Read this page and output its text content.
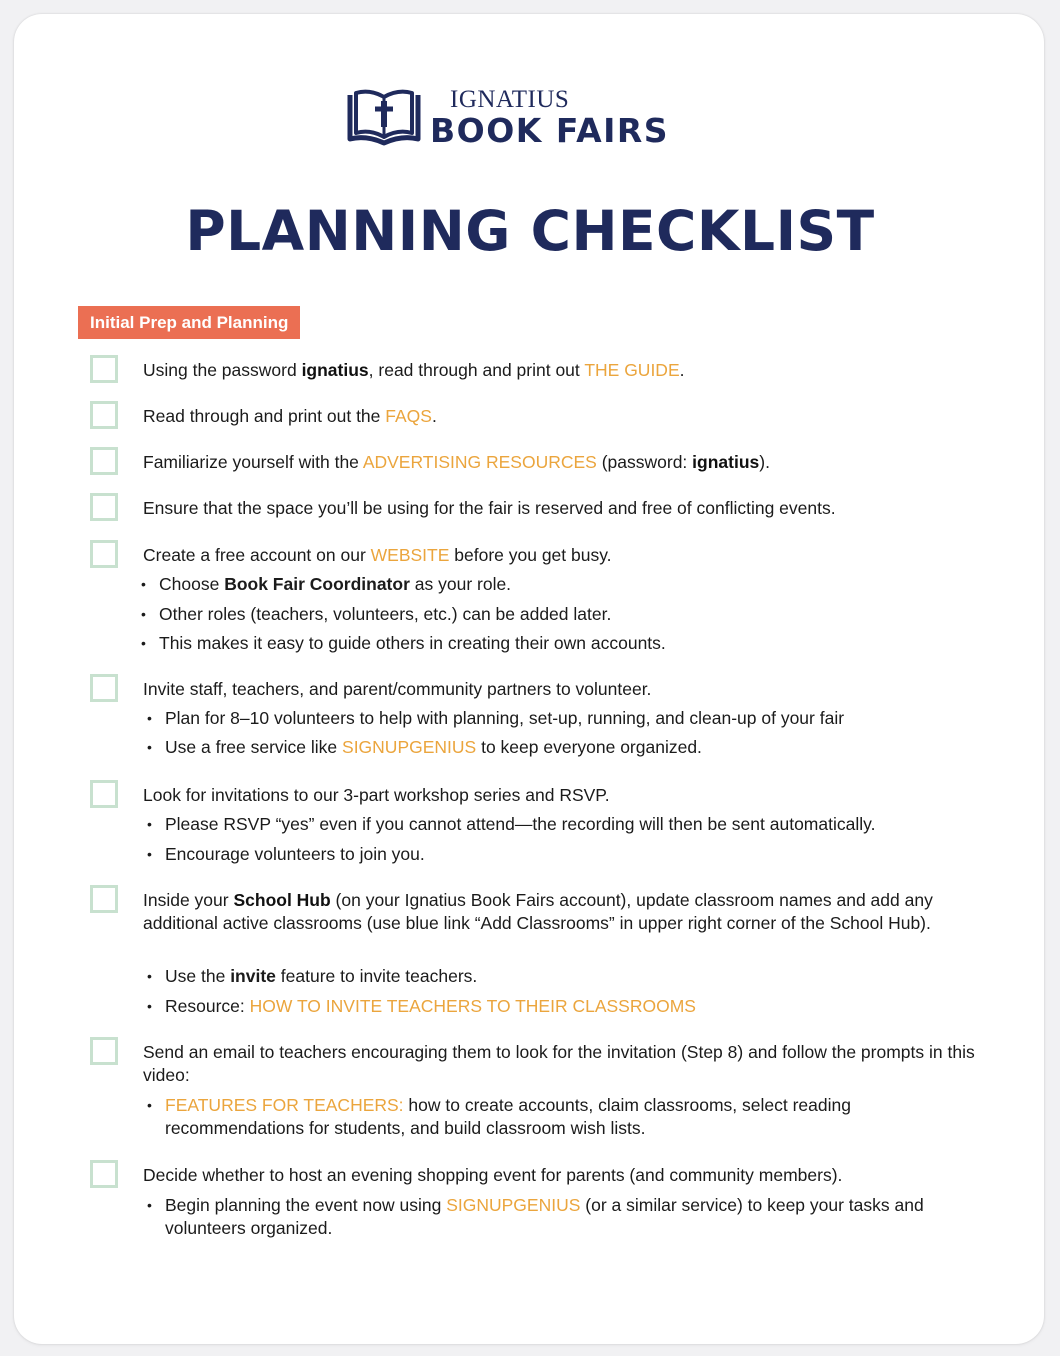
IGNATIUS
BOOK FAIRS
PLANNING CHECKLIST
Initial Prep and Planning
Using the password ignatius, read through and print out THE GUIDE.
Read through and print out the FAQS.
Familiarize yourself with the ADVERTISING RESOURCES (password: ignatius).
Ensure that the space you’ll be using for the fair is reserved and free of conflicting events.
Create a free account on our WEBSITE before you get busy.
• Choose Book Fair Coordinator as your role.
• Other roles (teachers, volunteers, etc.) can be added later.
• This makes it easy to guide others in creating their own accounts.
Invite staff, teachers, and parent/community partners to volunteer.
• Plan for 8–10 volunteers to help with planning, set-up, running, and clean-up of your fair
• Use a free service like SIGNUPGENIUS to keep everyone organized.
Look for invitations to our 3-part workshop series and RSVP.
• Please RSVP “yes” even if you cannot attend—the recording will then be sent automatically.
• Encourage volunteers to join you.
Inside your School Hub (on your Ignatius Book Fairs account), update classroom names and add any additional active classrooms (use blue link “Add Classrooms” in upper right corner of the School Hub).
• Use the invite feature to invite teachers.
• Resource: HOW TO INVITE TEACHERS TO THEIR CLASSROOMS
Send an email to teachers encouraging them to look for the invitation (Step 8) and follow the prompts in this video:
• FEATURES FOR TEACHERS: how to create accounts, claim classrooms, select reading recommendations for students, and build classroom wish lists.
Decide whether to host an evening shopping event for parents (and community members).
• Begin planning the event now using SIGNUPGENIUS (or a similar service) to keep your tasks and volunteers organized.
